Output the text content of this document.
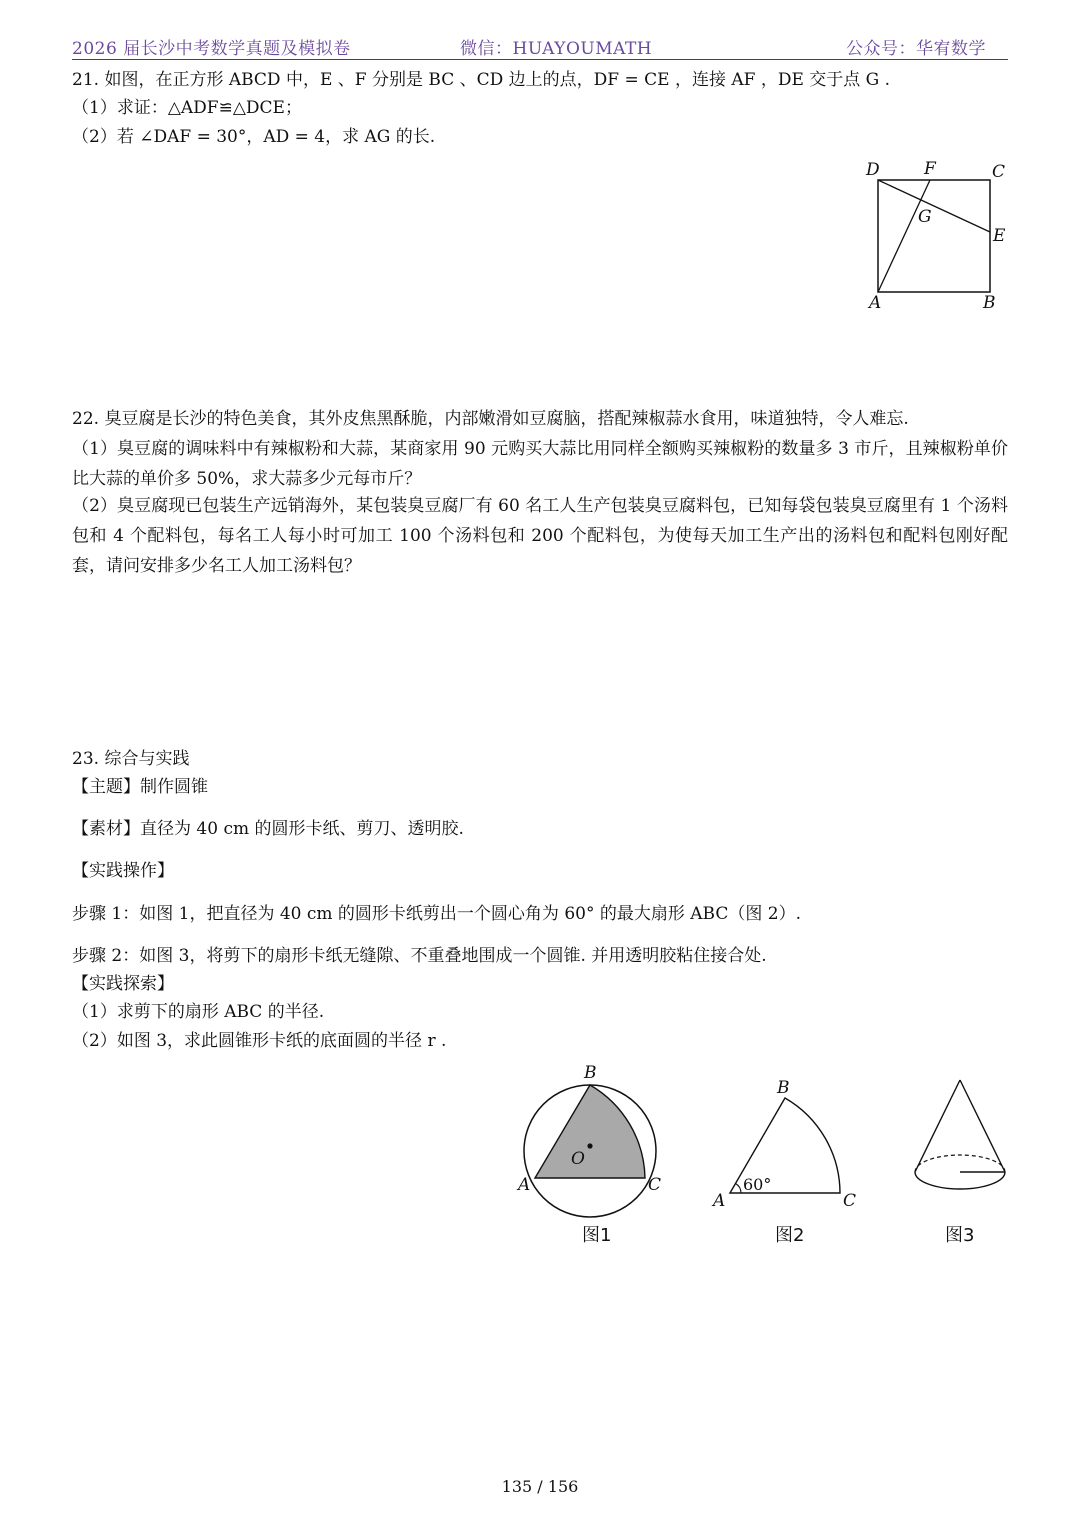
2026 届长沙中考数学真题及模拟卷	微信：HUAYOUMATH	公众号：华宥数学
21. 如图，在正方形 ABCD 中，E 、F 分别是 BC 、CD 边上的点，DF = CE ，连接 AF ，DE 交于点 G .
（1）求证：△ADF≌△DCE；
（2）若 ∠DAF = 30°，AD = 4，求 AG 的长.
D	F	C
G
E
A	B
22. 臭豆腐是长沙的特色美食，其外皮焦黑酥脆，内部嫩滑如豆腐脑，搭配辣椒蒜水食用，味道独特，令人难忘.
（1）臭豆腐的调味料中有辣椒粉和大蒜，某商家用 90 元购买大蒜比用同样全额购买辣椒粉的数量多 3 市斤，且辣椒粉单价比大蒜的单价多 50%，求大蒜多少元每市斤？
（2）臭豆腐现已包装生产远销海外，某包装臭豆腐厂有 60 名工人生产包装臭豆腐料包，已知每袋包装臭豆腐里有 1 个汤料包和 4 个配料包，每名工人每小时可加工 100 个汤料包和 200 个配料包，为使每天加工生产出的汤料包和配料包刚好配套，请问安排多少名工人加工汤料包？
23. 综合与实践
【主题】制作圆锥
【素材】直径为 40 cm 的圆形卡纸、剪刀、透明胶.
【实践操作】
步骤 1：如图 1，把直径为 40 cm 的圆形卡纸剪出一个圆心角为 60° 的最大扇形 ABC（图 2）.
步骤 2：如图 3，将剪下的扇形卡纸无缝隙、不重叠地围成一个圆锥. 并用透明胶粘住接合处.
【实践探索】
（1）求剪下的扇形 ABC 的半径.
（2）如图 3，求此圆锥形卡纸的底面圆的半径 r .
B
O
A	C
图1
B
A	C
60°
图2	图3
135 / 156
